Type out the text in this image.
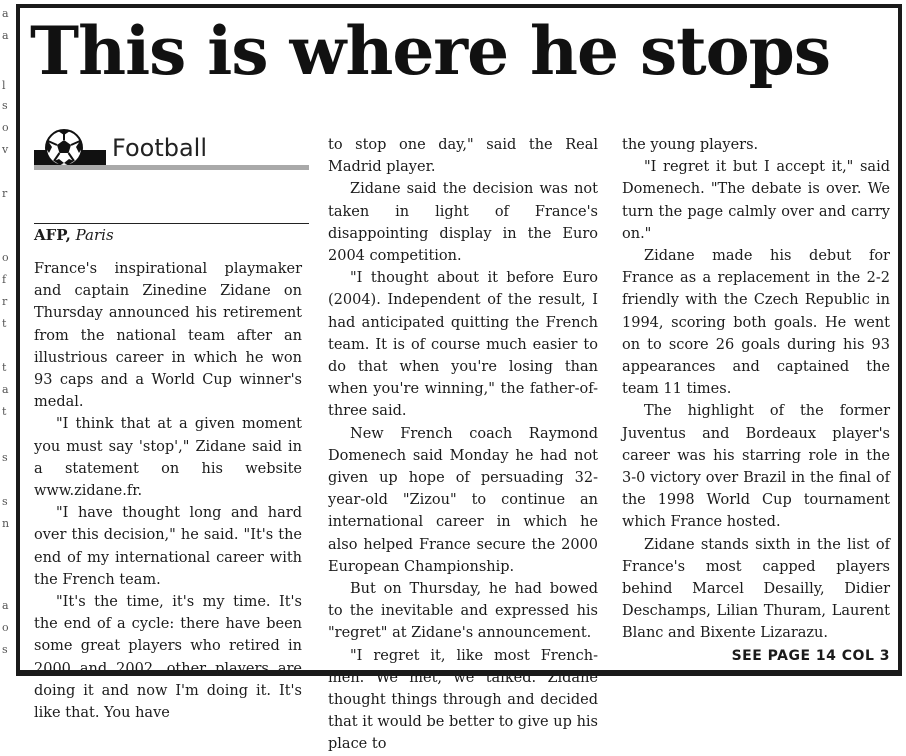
a
a
l
s
o
v
r
o
f
r
t
t
a
t
s
s
n
a
o
s
This is where he stops
Football
AFP, Paris

France's inspirational playmaker and captain Zinedine Zidane on Thursday announced his retirement from the national team after an illustrious career in which he won 93 caps and a World Cup winner's medal.

"I think that at a given moment you must say 'stop'," Zidane said in a statement on his website www.zidane.fr.

"I have thought long and hard over this decision," he said. "It's the end of my international career with the French team.

"It's the time, it's my time. It's the end of a cycle: there have been some great players who retired in 2000 and 2002, other players are doing it and now I'm doing it. It's like that. You have

to stop one day," said the Real Madrid player.

Zidane said the decision was not taken in light of France's disappointing display in the Euro 2004 competition.

"I thought about it before Euro (2004). Independent of the result, I had anticipated quitting the French team. It is of course much easier to do that when you're losing than when you're winning," the father-of-three said.

New French coach Raymond Domenech said Monday he had not given up hope of persuading 32-year-old "Zizou" to continue an international career in which he also helped France secure the 2000 European Championship.

But on Thursday, he had bowed to the inevitable and expressed his "regret" at Zidane's announcement.

"I regret it, like most French-men. We met, we talked. Zidane thought things through and decided that it would be better to give up his place to

the young players.

"I regret it but I accept it," said Domenech. "The debate is over. We turn the page calmly over and carry on."

Zidane made his debut for France as a replacement in the 2-2 friendly with the Czech Republic in 1994, scoring both goals. He went on to score 26 goals during his 93 appearances and captained the team 11 times.

The highlight of the former Juventus and Bordeaux player's career was his starring role in the 3-0 victory over Brazil in the final of the 1998 World Cup tournament which France hosted.

Zidane stands sixth in the list of France's most capped players behind Marcel Desailly, Didier Deschamps, Lilian Thuram, Laurent Blanc and Bixente Lizarazu.

SEE PAGE 14 COL 3
